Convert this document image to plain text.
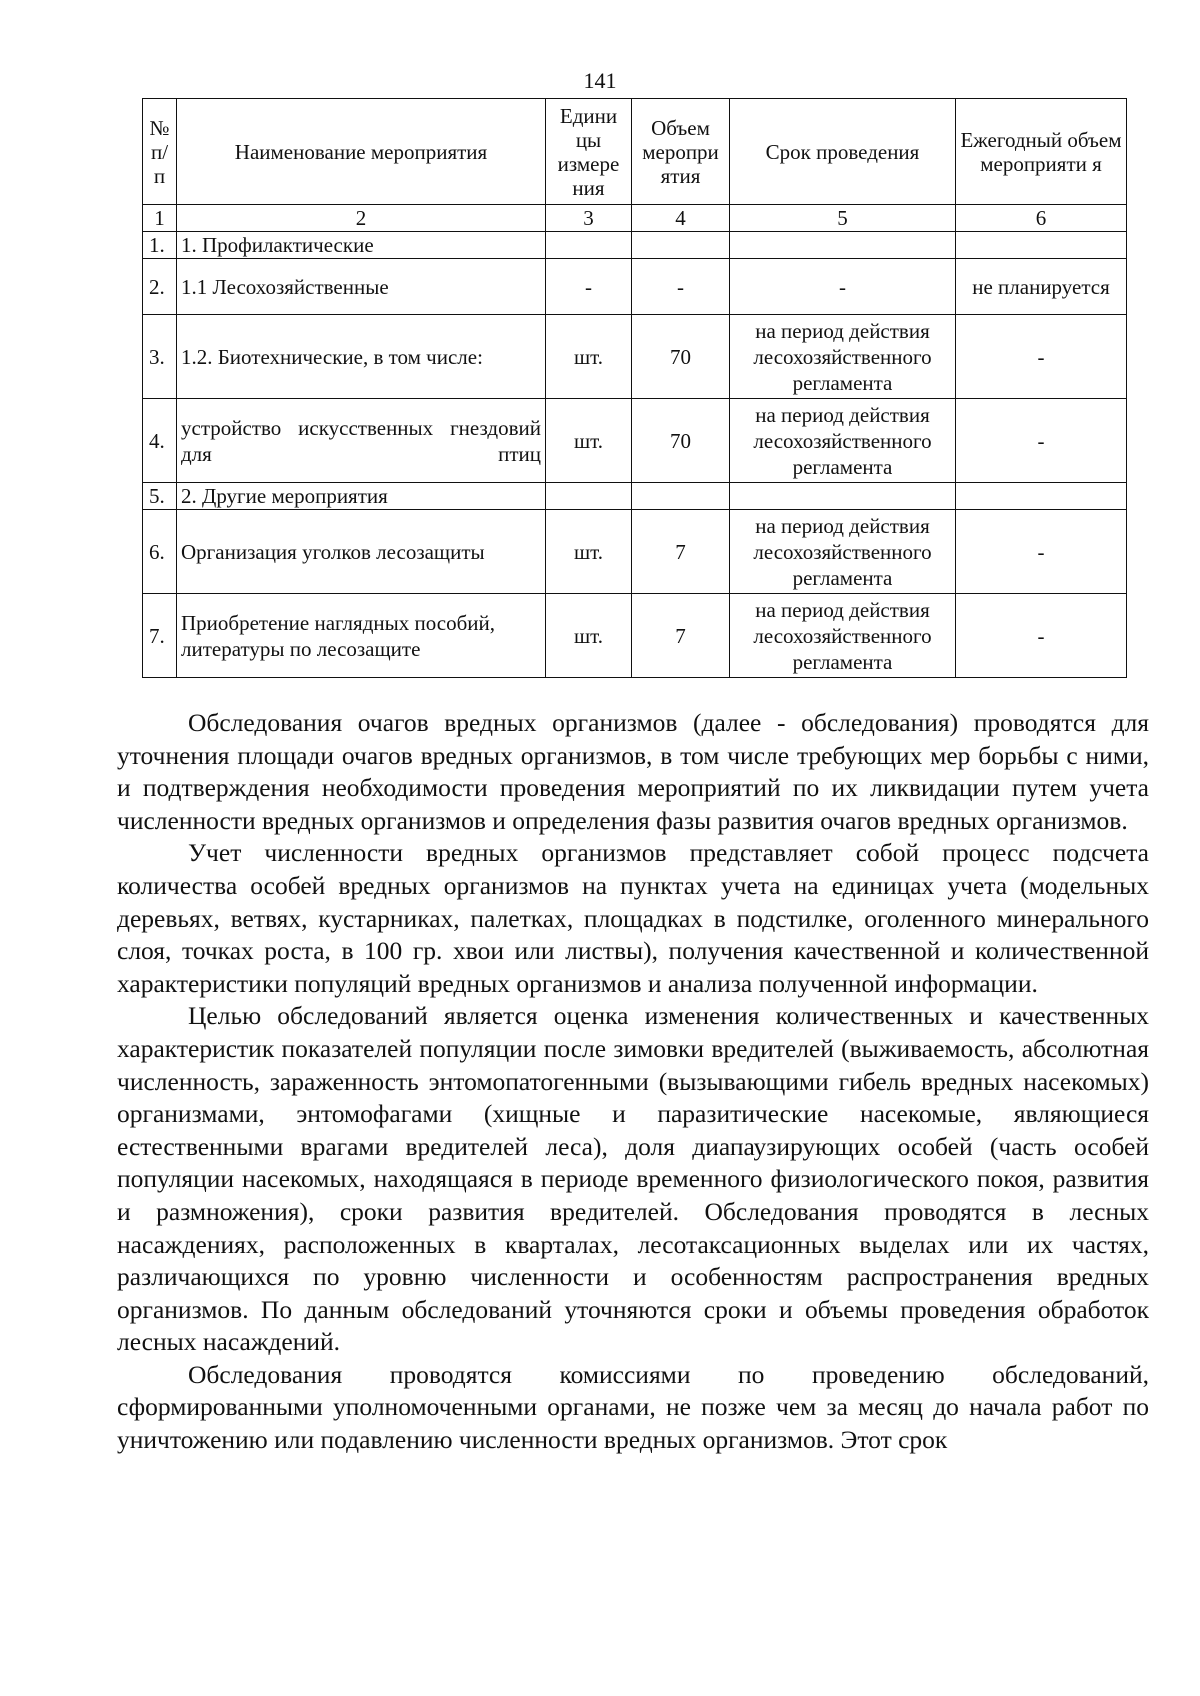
141
№ п/ п	Наименование мероприятия	Едини цы измере ния	Объем меропри ятия	Срок проведения	Ежегодный объем мероприяти я
1	2	3	4	5	6
1.	1. Профилактические				
2.	1.1 Лесохозяйственные	-	-	-	не планируется
3.	1.2. Биотехнические, в том числе:	шт.	70	на период действия лесохозяйственного регламента	-
4.	устройство искусственных гнездовий для птиц	шт.	70	на период действия лесохозяйственного регламента	-
5.	2. Другие мероприятия				
6.	Организация уголков лесозащиты	шт.	7	на период действия лесохозяйственного регламента	-
7.	Приобретение наглядных пособий, литературы по лесозащите	шт.	7	на период действия лесохозяйственного регламента	-

Обследования очагов вредных организмов (далее - обследования) проводятся для уточнения площади очагов вредных организмов, в том числе требующих мер борьбы с ними, и подтверждения необходимости проведения мероприятий по их ликвидации путем учета численности вредных организмов и определения фазы развития очагов вредных организмов.

Учет численности вредных организмов представляет собой процесс подсчета количества особей вредных организмов на пунктах учета на единицах учета (модельных деревьях, ветвях, кустарниках, палетках, площадках в подстилке, оголенного минерального слоя, точках роста, в 100 гр. хвои или листвы), получения качественной и количественной характеристики популяций вредных организмов и анализа полученной информации.

Целью обследований является оценка изменения количественных и качественных характеристик показателей популяции после зимовки вредителей (выживаемость, абсолютная численность, зараженность энтомопатогенными (вызывающими гибель вредных насекомых) организмами, энтомофагами (хищные и паразитические насекомые, являющиеся естественными врагами вредителей леса), доля диапаузирующих особей (часть особей популяции насекомых, находящаяся в периоде временного физиологического покоя, развития и размножения), сроки развития вредителей. Обследования проводятся в лесных насаждениях, расположенных в кварталах, лесотаксационных выделах или их частях, различающихся по уровню численности и особенностям распространения вредных организмов. По данным обследований уточняются сроки и объемы проведения обработок лесных насаждений.

Обследования проводятся комиссиями по проведению обследований, сформированными уполномоченными органами, не позже чем за месяц до начала работ по уничтожению или подавлению численности вредных организмов. Этот срок
